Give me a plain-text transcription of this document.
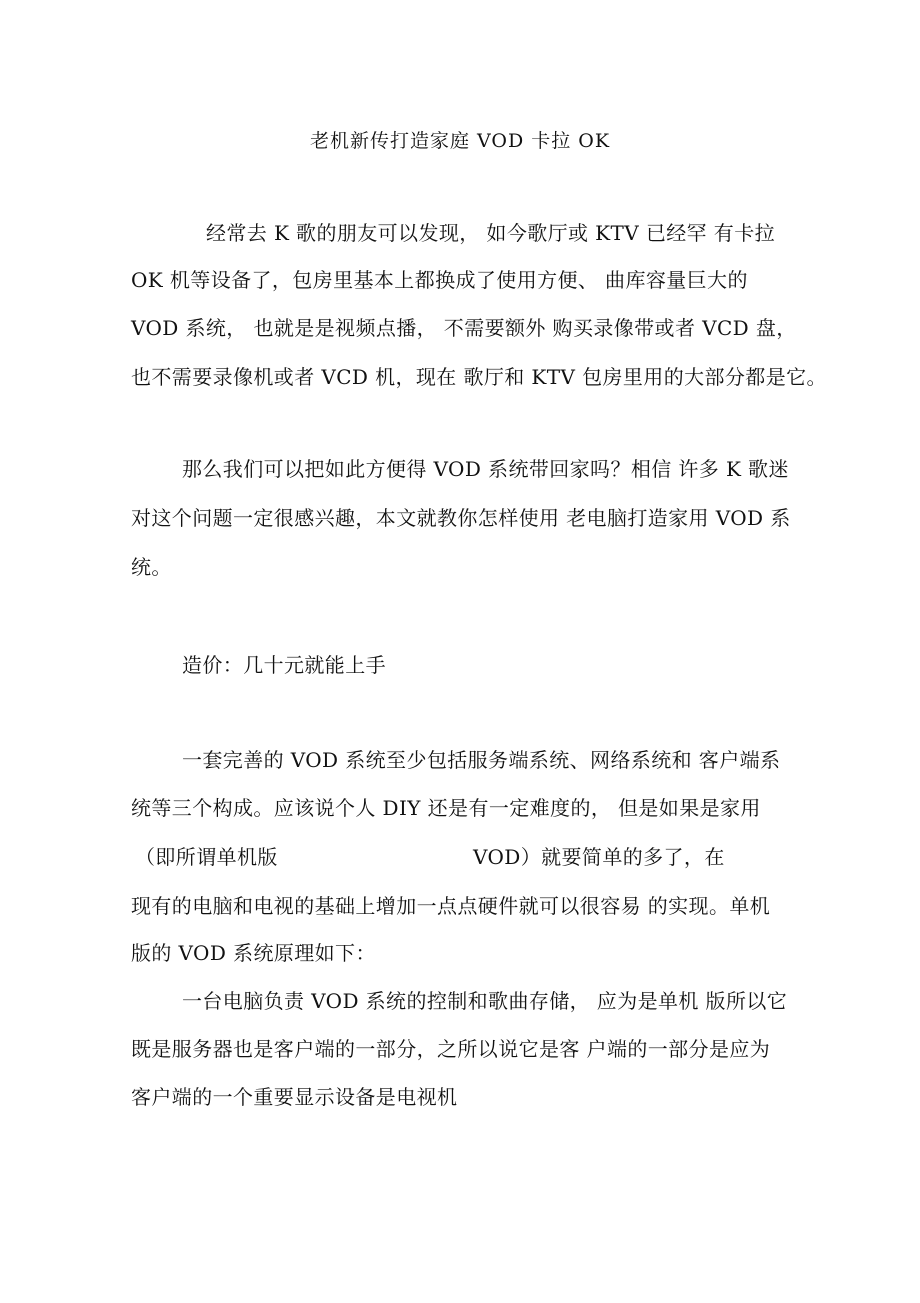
老机新传打造家庭 VOD 卡拉 OK
经常去 K 歌的朋友可以发现， 如今歌厅或 KTV 已经罕 有卡拉
OK 机等设备了，包房里基本上都换成了使用方便、 曲库容量巨大的
VOD 系统， 也就是是视频点播， 不需要额外 购买录像带或者 VCD 盘，
也不需要录像机或者 VCD 机，现在 歌厅和 KTV 包房里用的大部分都是它。
那么我们可以把如此方便得 VOD 系统带回家吗？相信 许多 K 歌迷
对这个问题一定很感兴趣，本文就教你怎样使用 老电脑打造家用 VOD 系
统。
造价：几十元就能上手
一套完善的 VOD 系统至少包括服务端系统、网络系统和 客户端系
统等三个构成。应该说个人 DIY 还是有一定难度的， 但是如果是家用
（即所谓单机版	VOD）就要简单的多了，在
现有的电脑和电视的基础上增加一点点硬件就可以很容易 的实现。单机
版的 VOD 系统原理如下：
一台电脑负责 VOD 系统的控制和歌曲存储， 应为是单机 版所以它
既是服务器也是客户端的一部分，之所以说它是客 户端的一部分是应为
客户端的一个重要显示设备是电视机
